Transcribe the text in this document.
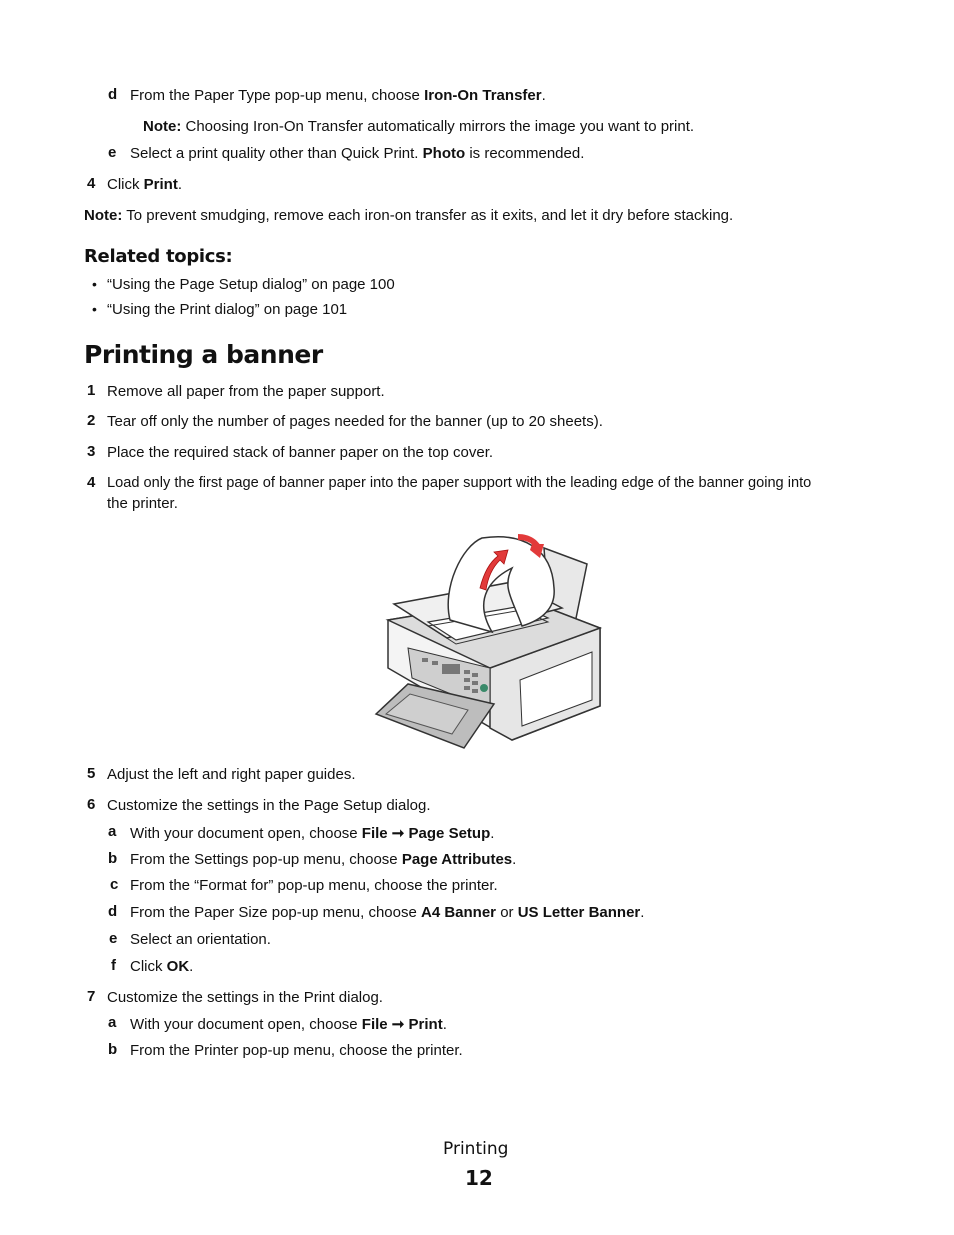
d From the Paper Type pop-up menu, choose Iron-On Transfer.
Note: Choosing Iron-On Transfer automatically mirrors the image you want to print.
e Select a print quality other than Quick Print. Photo is recommended.
4 Click Print.
Note: To prevent smudging, remove each iron-on transfer as it exits, and let it dry before stacking.
Related topics:
• “Using the Page Setup dialog” on page 100
• “Using the Print dialog” on page 101
Printing a banner
1 Remove all paper from the paper support.
2 Tear off only the number of pages needed for the banner (up to 20 sheets).
3 Place the required stack of banner paper on the top cover.
4 Load only the first page of banner paper into the paper support with the leading edge of the banner going into
the printer.
5 Adjust the left and right paper guides.
6 Customize the settings in the Page Setup dialog.
a With your document open, choose File ➞ Page Setup.
b From the Settings pop-up menu, choose Page Attributes.
c From the “Format for” pop-up menu, choose the printer.
d From the Paper Size pop-up menu, choose A4 Banner or US Letter Banner.
e Select an orientation.
f Click OK.
7 Customize the settings in the Print dialog.
a With your document open, choose File ➞ Print.
b From the Printer pop-up menu, choose the printer.
Printing
12
